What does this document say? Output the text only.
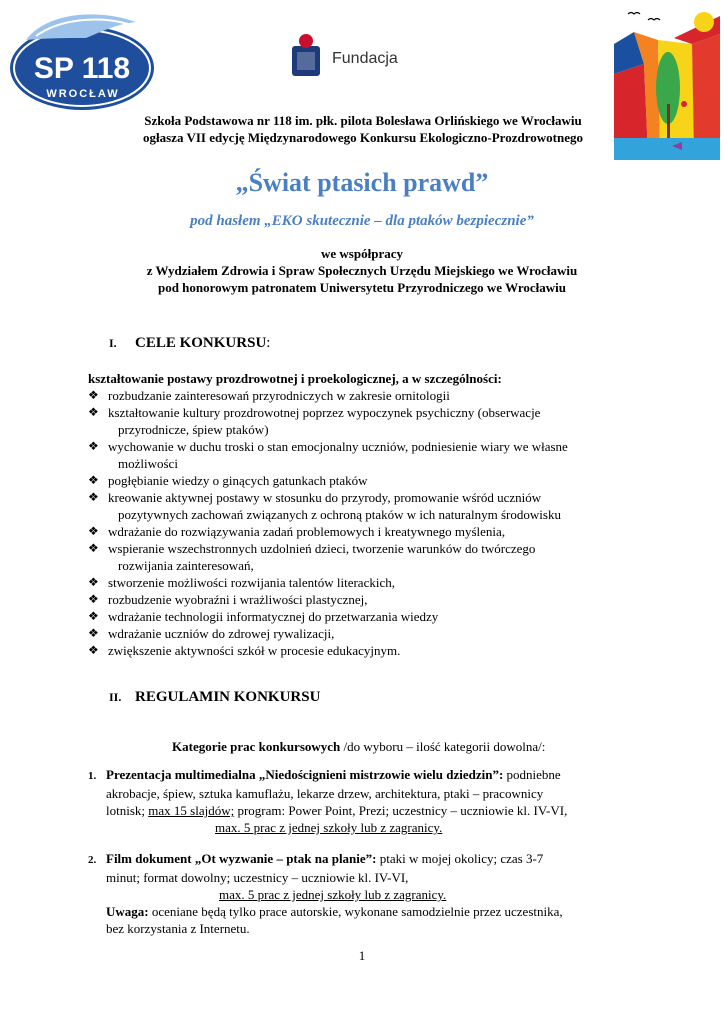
SP 118
WROCŁAW
Fundacja
Szkoła Podstawowa nr 118 im. płk. pilota Bolesława Orlińskiego we Wrocławiu
ogłasza VII edycję Międzynarodowego Konkursu Ekologiczno-Prozdrowotnego
„Świat ptasich prawd”
pod hasłem „EKO skutecznie – dla ptaków bezpiecznie”
we współpracy
z Wydziałem Zdrowia i Spraw Społecznych Urzędu Miejskiego we Wrocławiu
pod honorowym patronatem Uniwersytetu Przyrodniczego we Wrocławiu
I. CELE KONKURSU:
kształtowanie postawy prozdrowotnej i proekologicznej, a w szczególności:
❖ rozbudzanie zainteresowań przyrodniczych w zakresie ornitologii
❖ kształtowanie kultury prozdrowotnej poprzez wypoczynek psychiczny (obserwacje
przyrodnicze, śpiew ptaków)
❖ wychowanie w duchu troski o stan emocjonalny uczniów, podniesienie wiary we własne
możliwości
❖ pogłębianie wiedzy o ginących gatunkach ptaków
❖ kreowanie aktywnej postawy w stosunku do przyrody, promowanie wśród uczniów
pozytywnych zachowań związanych z ochroną ptaków w ich naturalnym środowisku
❖ wdrażanie do rozwiązywania zadań problemowych i kreatywnego myślenia,
❖ wspieranie wszechstronnych uzdolnień dzieci, tworzenie warunków do twórczego
rozwijania zainteresowań,
❖ stworzenie możliwości rozwijania talentów literackich,
❖ rozbudzenie wyobraźni i wrażliwości plastycznej,
❖ wdrażanie technologii informatycznej do przetwarzania wiedzy
❖ wdrażanie uczniów do zdrowej rywalizacji,
❖ zwiększenie aktywności szkół w procesie edukacyjnym.
II. REGULAMIN KONKURSU
Kategorie prac konkursowych /do wyboru – ilość kategorii dowolna/:
1. Prezentacja multimedialna „Niedoścignieni mistrzowie wielu dziedzin”: podniebne
akrobacje, śpiew, sztuka kamuflażu, lekarze drzew, architektura, ptaki – pracownicy
lotnisk; max 15 slajdów; program: Power Point, Prezi; uczestnicy – uczniowie kl. IV-VI,
max. 5 prac z jednej szkoły lub z zagranicy.
2. Film dokument „Ot wyzwanie – ptak na planie”: ptaki w mojej okolicy; czas 3-7
minut; format dowolny; uczestnicy – uczniowie kl. IV-VI,
max. 5 prac z jednej szkoły lub z zagranicy.
Uwaga: oceniane będą tylko prace autorskie, wykonane samodzielnie przez uczestnika,
bez korzystania z Internetu.
1
